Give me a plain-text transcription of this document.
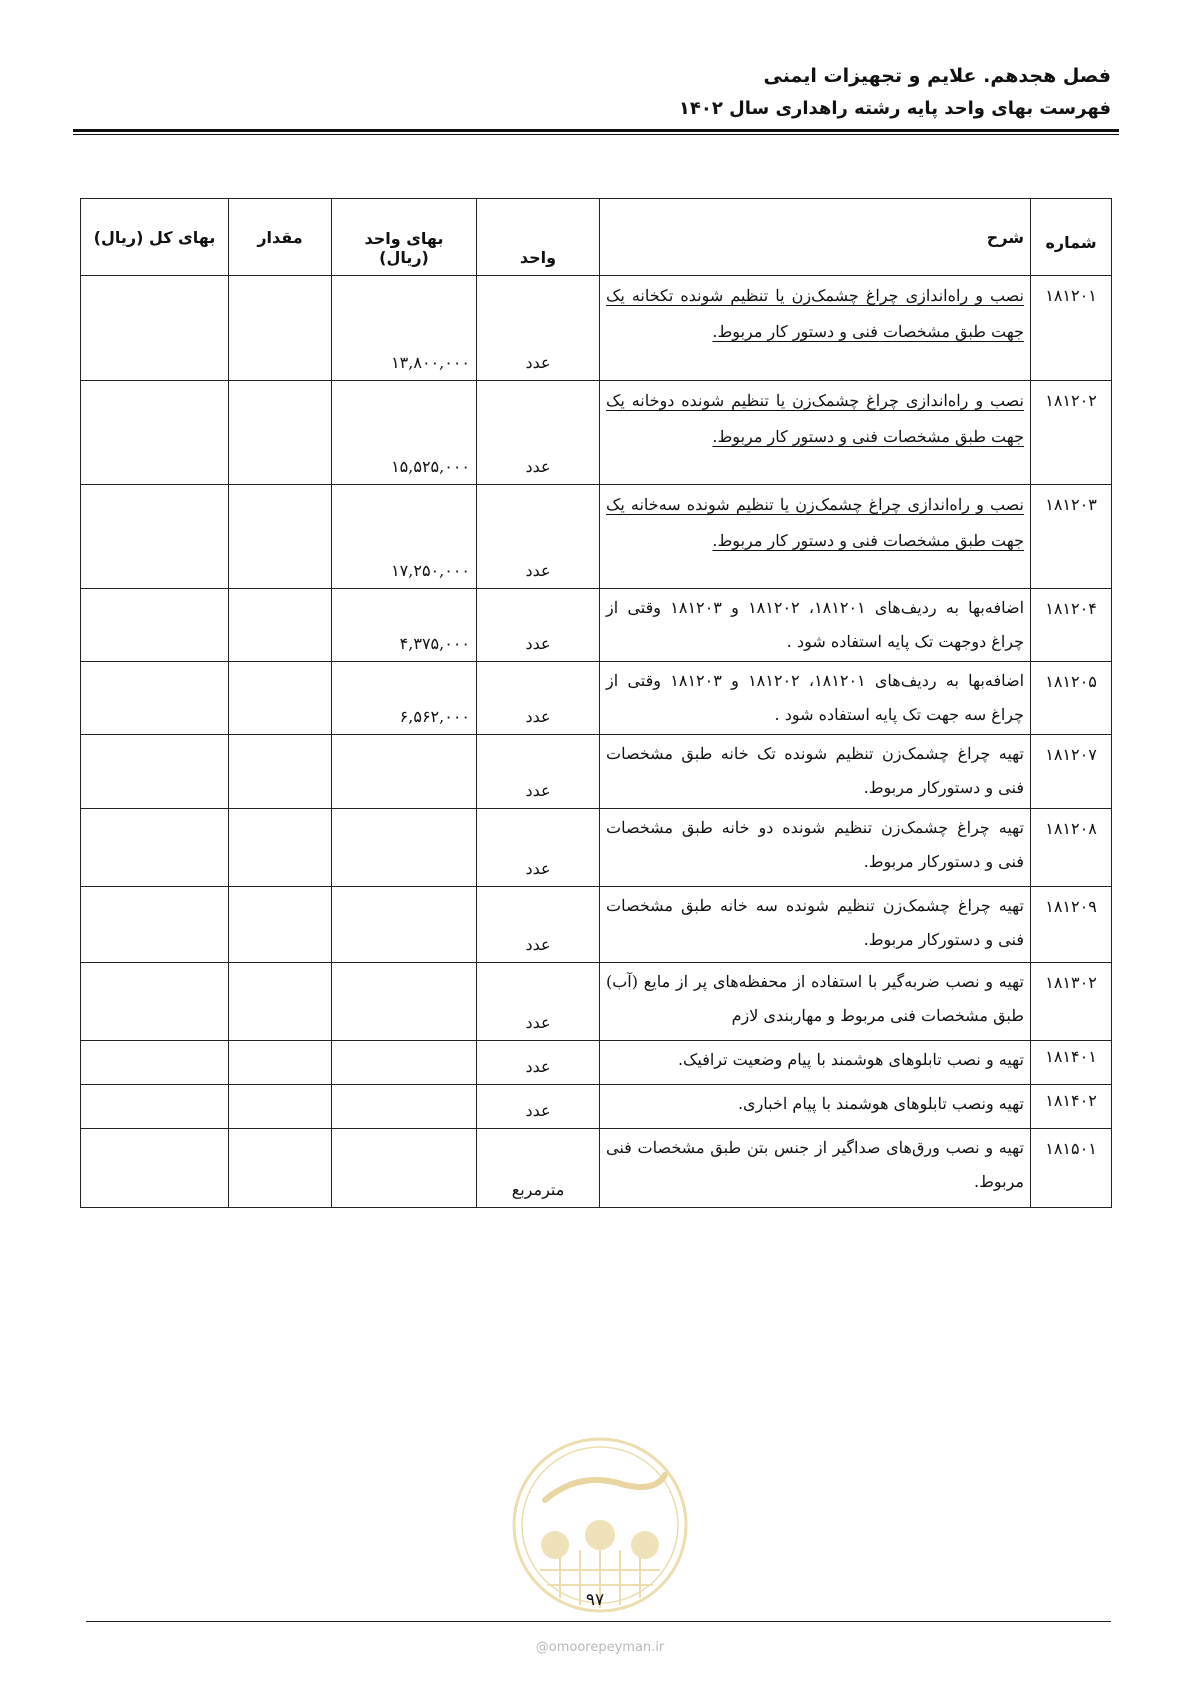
فصل هجدهم. علایم و تجهیزات ایمنی

فهرست بهای واحد پایه رشته راهداری سال ۱۴۰۲

شماره	شرح	واحد	بهای واحد (ریال)	مقدار	بهای کل (ریال)
۱۸۱۲۰۱	نصب و راه‌اندازی چراغ چشمک‌زن یا تنظیم شونده تکخانه یک جهت طبق مشخصات فنی و دستور کار مربوط.	عدد	۱۳,۸۰۰,۰۰۰		
۱۸۱۲۰۲	نصب و راه‌اندازی چراغ چشمک‌زن یا تنظیم شونده دوخانه یک جهت طبق مشخصات فنی و دستور کار مربوط.	عدد	۱۵,۵۲۵,۰۰۰		
۱۸۱۲۰۳	نصب و راه‌اندازی چراغ چشمک‌زن یا تنظیم شونده سه‌خانه یک جهت طبق مشخصات فنی و دستور کار مربوط.	عدد	۱۷,۲۵۰,۰۰۰		
۱۸۱۲۰۴	اضافه‌بها به ردیف‌های ۱۸۱۲۰۱، ۱۸۱۲۰۲ و ۱۸۱۲۰۳ وقتی از چراغ دوجهت تک پایه استفاده شود .	عدد	۴,۳۷۵,۰۰۰		
۱۸۱۲۰۵	اضافه‌بها به ردیف‌های ۱۸۱۲۰۱، ۱۸۱۲۰۲ و ۱۸۱۲۰۳ وقتی از چراغ سه جهت تک پایه استفاده شود .	عدد	۶,۵۶۲,۰۰۰		
۱۸۱۲۰۷	تهیه چراغ چشمک‌زن تنظیم شونده تک خانه طبق مشخصات فنی و دستورکار مربوط.	عدد			
۱۸۱۲۰۸	تهیه چراغ چشمک‌زن تنظیم شونده دو خانه طبق مشخصات فنی و دستورکار مربوط.	عدد			
۱۸۱۲۰۹	تهیه چراغ چشمک‌زن تنظیم شونده سه خانه طبق مشخصات فنی و دستورکار مربوط.	عدد			
۱۸۱۳۰۲	تهیه و نصب ضربه‌گیر با استفاده از محفظه‌های پر از مایع (آب) طبق مشخصات فنی مربوط و مهاربندی لازم	عدد			
۱۸۱۴۰۱	تهیه و نصب تابلوهای هوشمند با پیام وضعیت ترافیک.	عدد			
۱۸۱۴۰۲	تهیه ونصب تابلوهای هوشمند با پیام اخباری.	عدد			
۱۸۱۵۰۱	تهیه و نصب ورق‌های صداگیر از جنس بتن طبق مشخصات فنی مربوط.	مترمربع			
۹۷
@omoorepeyman.ir
